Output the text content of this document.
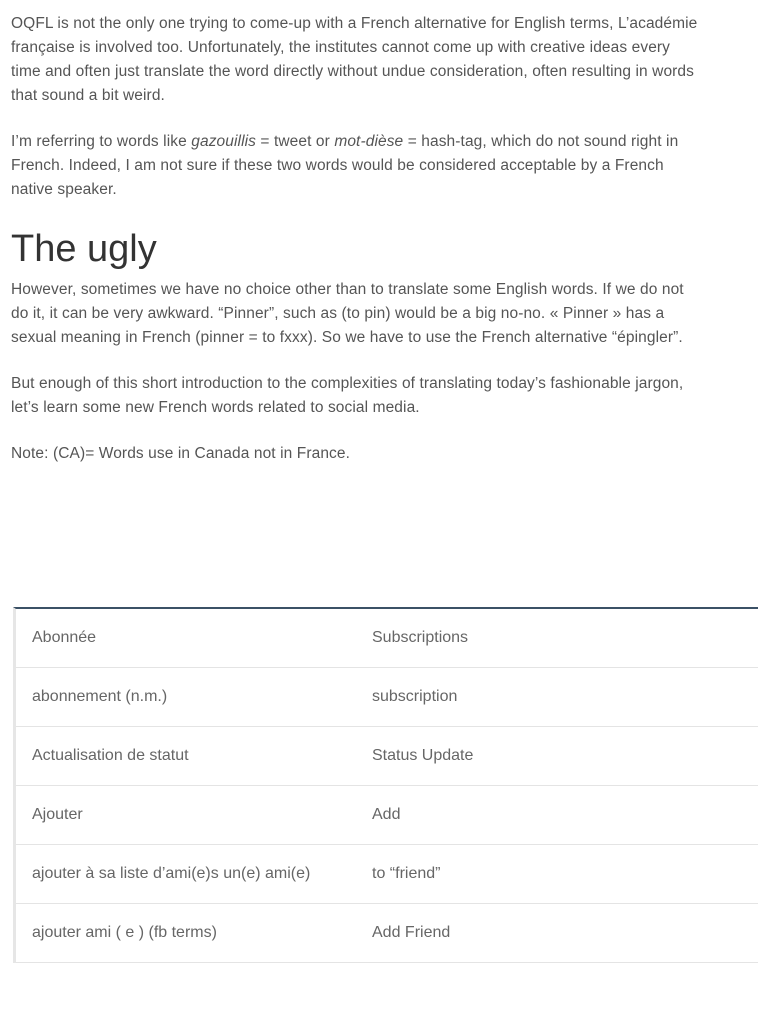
OQFL is not the only one trying to come-up with a French alternative for English terms, L’académie
française is involved too. Unfortunately, the institutes cannot come up with creative ideas every
time and often just translate the word directly without undue consideration, often resulting in words
that sound a bit weird.

I’m referring to words like gazouillis = tweet or mot-dièse = hash-tag, which do not sound right in
French. Indeed, I am not sure if these two words would be considered acceptable by a French
native speaker.

The ugly

However, sometimes we have no choice other than to translate some English words. If we do not
do it, it can be very awkward. “Pinner”, such as (to pin) would be a big no-no. « Pinner » has a
sexual meaning in French (pinner = to fxxx). So we have to use the French alternative “épingler”.

But enough of this short introduction to the complexities of translating today’s fashionable jargon,
let’s learn some new French words related to social media.

Note: (CA)= Words use in Canada not in France.

Abonnée	Subscriptions
abonnement (n.m.)	subscription
Actualisation de statut	Status Update
Ajouter	Add
ajouter à sa liste d’ami(e)s un(e) ami(e)	to “friend”
ajouter ami ( e ) (fb terms)	Add Friend
